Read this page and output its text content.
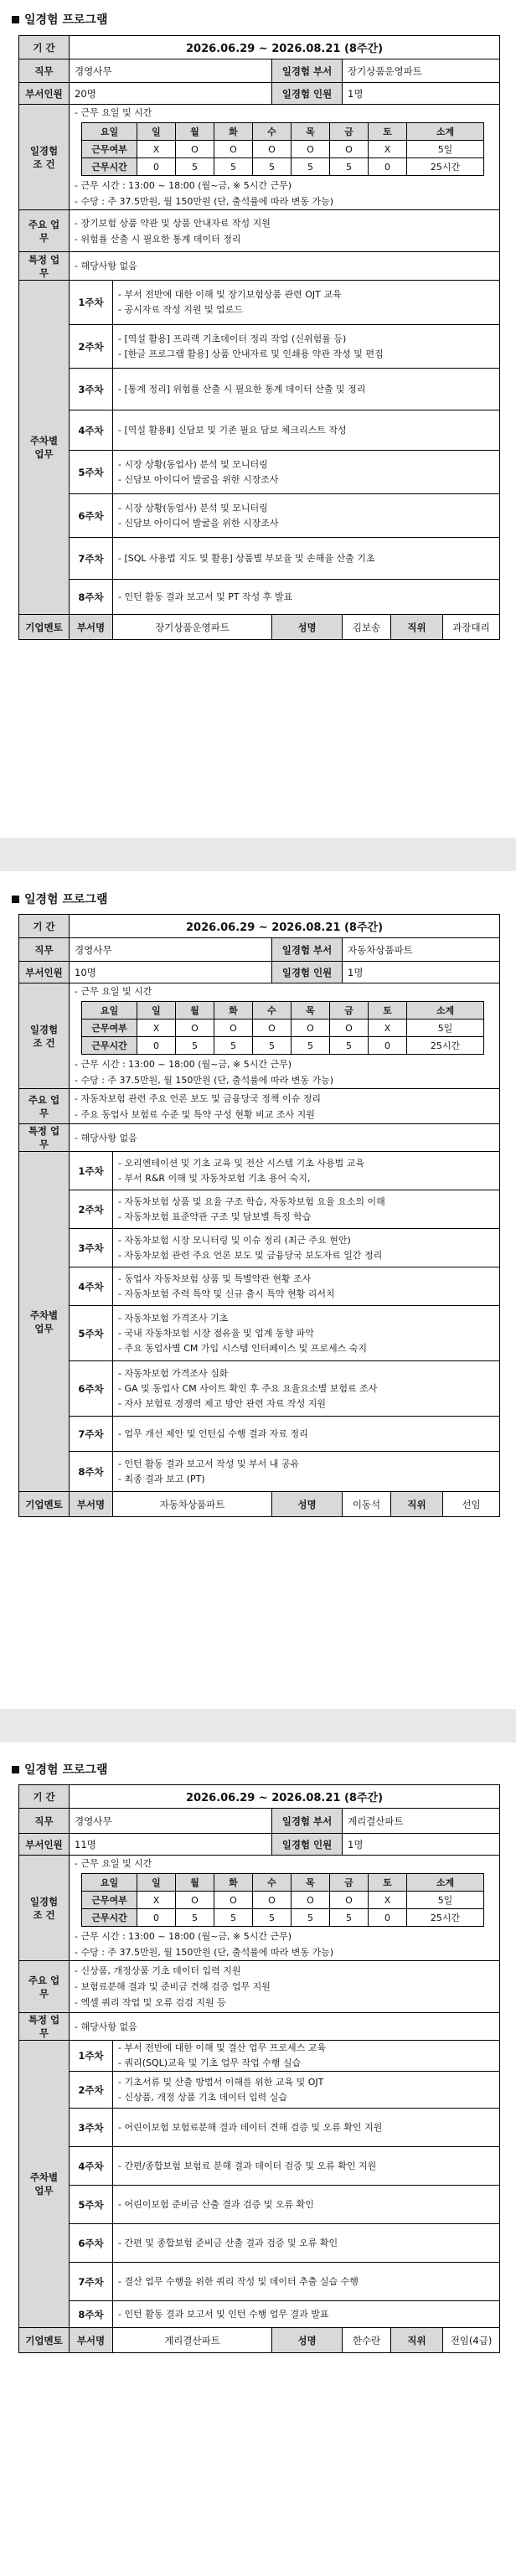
일경험 프로그램
기 간	2026.06.29 ~ 2026.08.21 (8주간)
직무	경영사무	일경험 부서	장기상품운영파트
부서인원	20명	일경험 인원	1명
일경험
조 건	
- 근무 요일 및 시간
요일	일	월	화	수	목	금	토	소계
근무여부	X	O	O	O	O	O	X	5일
근무시간	0	5	5	5	5	5	0	25시간
- 근무 시간 : 13:00 ~ 18:00 (월~금, ※ 5시간 근무)
- 수당 : 주 37.5만원, 월 150만원 (단, 출석률에 따라 변동 가능)

주요 업무	
- 장기보험 상품 약관 및 상품 안내자료 작성 지원
- 위험률 산출 시 필요한 통계 데이터 정리

특정 업무	- 해당사항 없음
주차별
업무	1주차	
- 부서 전반에 대한 이해 및 장기보험상품 관련 OJT 교육
- 공시자료 작성 지원 및 업로드

2주차	
- [역설 활용] 프리랙 기초데이터 정리 작업 (신위험률 등)
- [한글 프로그램 활용] 상품 안내자료 및 인쇄용 약관 작성 및 편집

3주차	- [통계 정리] 위험률 산출 시 필요한 통계 데이터 산출 및 정리

4주차	- [역설 활용Ⅱ] 신담보 및 기존 필요 담보 체크리스트 작성

5주차	
- 시장 상황(동업사) 분석 및 모니터링
- 신담보 아이디어 발굴을 위한 시장조사

6주차	
- 시장 상황(동업사) 분석 및 모니터링
- 신담보 아이디어 발굴을 위한 시장조사

7주차	- [SQL 사용법 지도 및 활용] 상품별 부보율 및 손해율 산출 기초

8주차	- 인턴 활동 결과 보고서 및 PT 작성 후 발표

기업멘토	부서명	장기상품운영파트	성명	김보송	직위	과장대리
일경험 프로그램
기 간	2026.06.29 ~ 2026.08.21 (8주간)
직무	경영사무	일경험 부서	자동차상품파트
부서인원	10명	일경험 인원	1명
일경험
조 건	
- 근무 요일 및 시간
요일	일	월	화	수	목	금	토	소계
근무여부	X	O	O	O	O	O	X	5일
근무시간	0	5	5	5	5	5	0	25시간
- 근무 시간 : 13:00 ~ 18:00 (월~금, ※ 5시간 근무)
- 수당 : 주 37.5만원, 월 150만원 (단, 출석률에 따라 변동 가능)

주요 업무	
- 자동차보험 관련 주요 언론 보도 및 금융당국 정책 이슈 정리
- 주요 동업사 보험료 수준 및 특약 구성 현황 비교 조사 지원

특정 업무	- 해당사항 없음
주차별
업무	1주차	
- 오리엔테이션 및 기초 교육 및 전산 시스템 기초 사용법 교육
- 부서 R&R 이해 및 자동차보험 기초 용어 숙지,

2주차	
- 자동차보험 상품 및 요율 구조 학습, 자동차보험 요율 요소의 이해
- 자동차보험 표준약관 구조 및 담보별 특징 학습

3주차	
- 자동차보험 시장 모니터링 및 이슈 정리 (최근 주요 현안)
- 자동차보험 관련 주요 언론 보도 및 금융당국 보도자료 일간 정리

4주차	
- 동업사 자동차보험 상품 및 특별약관 현황 조사
- 자동차보험 주력 특약 및 신규 출시 특약 현황 리서치

5주차	
- 자동차보험 가격조사 기초
- 국내 자동차보험 시장 점유율 및 업계 동향 파악
- 주요 동업사별 CM 가입 시스템 인터페이스 및 프로세스 숙지

6주차	
- 자동차보험 가격조사 심화
- GA 및 동업사 CM 사이트 확인 후 주요 요율요소별 보험료 조사
- 자사 보험료 경쟁력 제고 방안 관련 자료 작성 지원

7주차	- 업무 개선 제안 및 인턴십 수행 결과 자료 정리

8주차	
- 인턴 활동 결과 보고서 작성 및 부서 내 공유
- 최종 결과 보고 (PT)

기업멘토	부서명	자동차상품파트	성명	이동석	직위	선임
일경험 프로그램
기 간	2026.06.29 ~ 2026.08.21 (8주간)
직무	경영사무	일경험 부서	계리결산파트
부서인원	11명	일경험 인원	1명
일경험
조 건	
- 근무 요일 및 시간
요일	일	월	화	수	목	금	토	소계
근무여부	X	O	O	O	O	O	X	5일
근무시간	0	5	5	5	5	5	0	25시간
- 근무 시간 : 13:00 ~ 18:00 (월~금, ※ 5시간 근무)
- 수당 : 주 37.5만원, 월 150만원 (단, 출석률에 따라 변동 가능)

주요 업무	
- 신상품, 개정상품 기초 데이터 입력 지원
- 보험료분해 결과 및 준비금 견해 검증 업무 지원
- 엑셀 쿼리 작업 및 오류 검검 지원 등

특정 업무	- 해당사항 없음
주차별
업무	1주차	
- 부서 전반에 대한 이해 및 결산 업무 프로세스 교육
- 쿼리(SQL)교육 및 기초 업무 작업 수행 실습

2주차	
- 기초서류 및 산출 방법서 이해를 위한 교육 및 OJT
- 신상품, 개정 상품 기초 데이터 입력 실습

3주차	- 어린이보험 보험료분해 결과 데이터 견해 검증 및 오류 확인 지원

4주차	- 간편/종합보험 보험료 분해 결과 데이터 검증 및 오류 확인 지원

5주차	- 어린이보험 준비금 산출 결과 검증 및 오류 확인

6주차	- 간편 및 종합보험 준비금 산출 결과 검증 및 오류 확인

7주차	- 결산 업무 수행을 위한 쿼리 작성 및 데이터 추출 실습 수행

8주차	- 인턴 활동 결과 보고서 및 인턴 수행 업무 결과 발표

기업멘토	부서명	계리결산파트	성명	한수란	직위	전임(4급)
